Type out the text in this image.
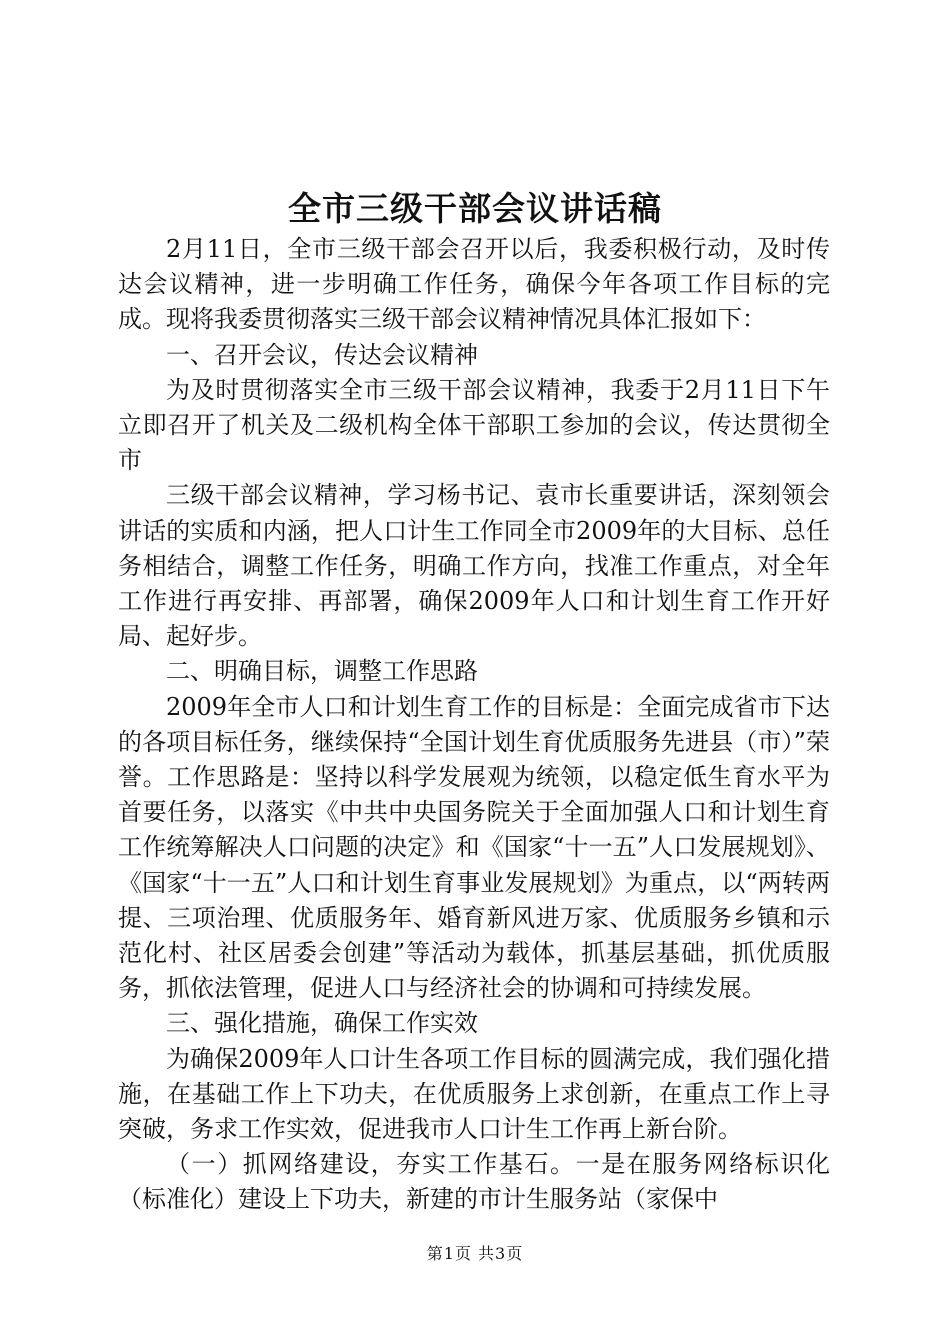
全市三级干部会议讲话稿

2月11日，全市三级干部会召开以后，我委积极行动，及时传达会议精神，进一步明确工作任务，确保今年各项工作目标的完成。现将我委贯彻落实三级干部会议精神情况具体汇报如下：

一、召开会议，传达会议精神

为及时贯彻落实全市三级干部会议精神，我委于2月11日下午立即召开了机关及二级机构全体干部职工参加的会议，传达贯彻全市

三级干部会议精神，学习杨书记、袁市长重要讲话，深刻领会讲话的实质和内涵，把人口计生工作同全市2009年的大目标、总任务相结合，调整工作任务，明确工作方向，找准工作重点，对全年工作进行再安排、再部署，确保2009年人口和计划生育工作开好局、起好步。

二、明确目标，调整工作思路

2009年全市人口和计划生育工作的目标是：全面完成省市下达的各项目标任务，继续保持“全国计划生育优质服务先进县（市）”荣誉。工作思路是：坚持以科学发展观为统领，以稳定低生育水平为首要任务，以落实《中共中央国务院关于全面加强人口和计划生育工作统筹解决人口问题的决定》和《国家“十一五”人口发展规划》、《国家“十一五”人口和计划生育事业发展规划》为重点，以“两转两提、三项治理、优质服务年、婚育新风进万家、优质服务乡镇和示范化村、社区居委会创建”等活动为载体，抓基层基础，抓优质服务，抓依法管理，促进人口与经济社会的协调和可持续发展。

三、强化措施，确保工作实效

为确保2009年人口计生各项工作目标的圆满完成，我们强化措施，在基础工作上下功夫，在优质服务上求创新，在重点工作上寻突破，务求工作实效，促进我市人口计生工作再上新台阶。

（一）抓网络建设，夯实工作基石。一是在服务网络标识化（标准化）建设上下功夫，新建的市计生服务站（家保中

第1页 共3页
